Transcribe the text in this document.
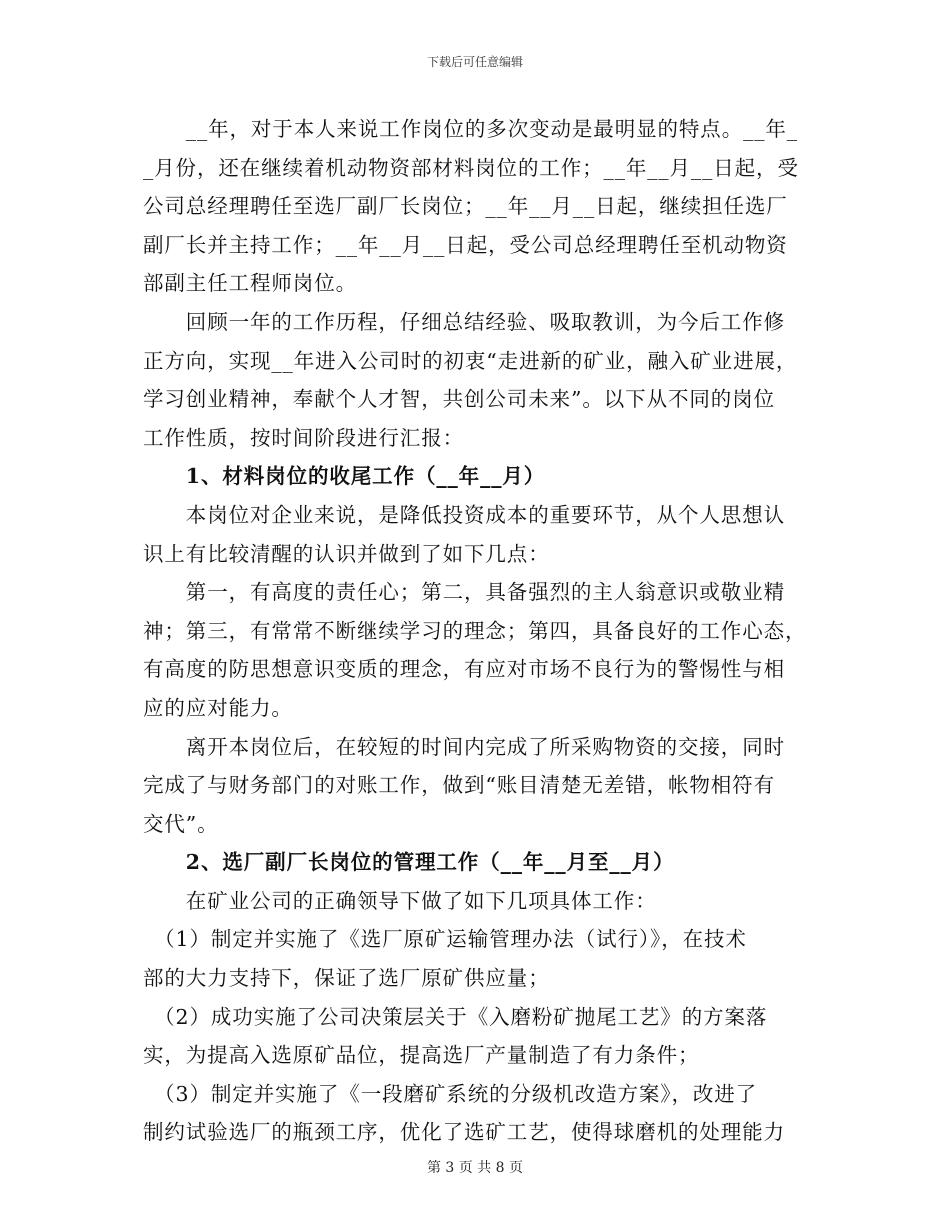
下载后可任意编辑
　　__年，对于本人来说工作岗位的多次变动是最明显的特点。__年_
_月份，还在继续着机动物资部材料岗位的工作；__年__月__日起，受
公司总经理聘任至选厂副厂长岗位；__年__月__日起，继续担任选厂
副厂长并主持工作；__年__月__日起，受公司总经理聘任至机动物资
部副主任工程师岗位。
　　回顾一年的工作历程，仔细总结经验、吸取教训，为今后工作修
正方向，实现__年进入公司时的初衷“走进新的矿业，融入矿业进展，
学习创业精神，奉献个人才智，共创公司未来”。以下从不同的岗位
工作性质，按时间阶段进行汇报：
　　1、材料岗位的收尾工作（__年__月）
　　本岗位对企业来说，是降低投资成本的重要环节，从个人思想认
识上有比较清醒的认识并做到了如下几点：
　　第一，有高度的责任心；第二，具备强烈的主人翁意识或敬业精
神；第三，有常常不断继续学习的理念；第四，具备良好的工作心态，
有高度的防思想意识变质的理念，有应对市场不良行为的警惕性与相
应的应对能力。
　　离开本岗位后，在较短的时间内完成了所采购物资的交接，同时
完成了与财务部门的对账工作，做到“账目清楚无差错，帐物相符有
交代”。
　　2、选厂副厂长岗位的管理工作（__年__月至__月）
　　在矿业公司的正确领导下做了如下几项具体工作：
　（1）制定并实施了《选厂原矿运输管理办法（试行）》，在技术
部的大力支持下，保证了选厂原矿供应量；
　（2）成功实施了公司决策层关于《入磨粉矿抛尾工艺》的方案落
实，为提高入选原矿品位，提高选厂产量制造了有力条件；
　（3）制定并实施了《一段磨矿系统的分级机改造方案》，改进了
制约试验选厂的瓶颈工序，优化了选矿工艺，使得球磨机的处理能力
第 3 页 共 8 页
